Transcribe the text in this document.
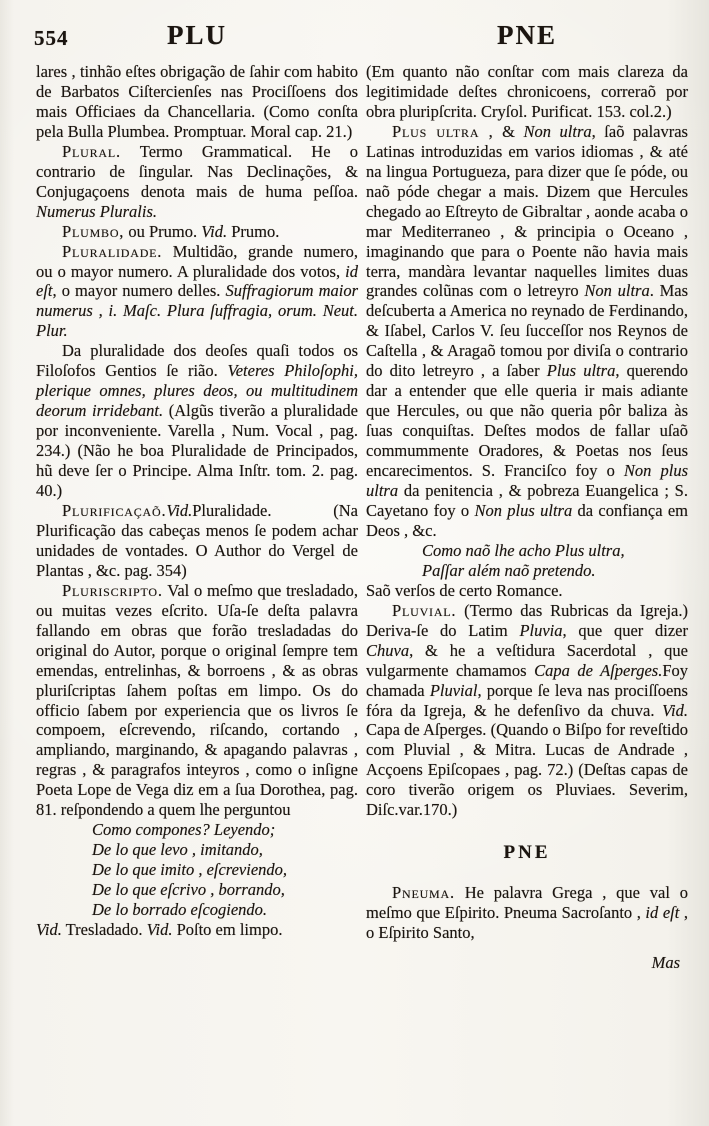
554	PLU	PNE

lares , tinhão eſtes obrigação de ſahir com habito de Barbatos Ciſtercienſes nas Prociſſoens dos mais Officiaes da Chancellaria. (Como conſta pela Bulla Plumbea. Promptuar. Moral cap. 21.)

Plural. Termo Grammatical. He o contrario de ſingular. Nas Declinações, & Conjugaçoens denota mais de huma peſſoa. Numerus Pluralis.

Plumbo, ou Prumo. Vid. Prumo.

Pluralidade. Multidão, grande numero, ou o mayor numero. A pluralidade dos votos, id eſt, o mayor numero delles. Suffragiorum maior numerus , i. Maſc. Plura ſuffragia, orum. Neut. Plur.

Da pluralidade dos deoſes quaſi todos os Filoſofos Gentios ſe rião. Veteres Philoſophi, plerique omnes, plures deos, ou multitudinem deorum irridebant. (Algũs tiverão a pluralidade por inconveniente. Varella , Num. Vocal , pag. 234.) (Não he boa Pluralidade de Principados, hũ deve ſer o Principe. Alma Inſtr. tom. 2. pag. 40.)

Plurificaçaõ.Vid.Pluralidade. (Na Plurificação das cabeças menos ſe podem achar unidades de vontades. O Author do Vergel de Plantas , &c. pag. 354)

Pluriscripto. Val o meſmo que tresladado, ou muitas vezes eſcrito. Uſa-ſe deſta palavra fallando em obras que forão tresladadas do original do Autor, porque o original ſempre tem emendas, entrelinhas, & borroens , & as obras pluriſcriptas ſahem poſtas em limpo. Os do officio ſabem por experiencia que os livros ſe compoem, eſcrevendo, riſcando, cortando , ampliando, marginando, & apagando palavras , regras , & paragrafos inteyros , como o inſigne Poeta Lope de Vega diz em a ſua Dorothea, pag. 81. reſpondendo a quem lhe perguntou

Como compones? Leyendo;
De lo que levo , imitando,
De lo que imito , eſcreviendo,
De lo que eſcrivo , borrando,
De lo borrado eſcogiendo.

Vid. Tresladado. Vid. Poſto em limpo.

(Em quanto não conſtar com mais clareza da legitimidade deſtes chronicoens, correraõ por obra pluripſcrita. Cryſol. Purificat. 153. col.2.)

Plus ultra , & Non ultra, ſaõ palavras Latinas introduzidas em varios idiomas , & até na lingua Portugueza, para dizer que ſe póde, ou naõ póde chegar a mais. Dizem que Hercules chegado ao Eſtreyto de Gibraltar , aonde acaba o mar Mediterraneo , & principia o Oceano , imaginando que para o Poente não havia mais terra, mandàra levantar naquelles limites duas grandes colũnas com o letreyro Non ultra. Mas deſcuberta a America no reynado de Ferdinando, & Iſabel, Carlos V. ſeu ſucceſſor nos Reynos de Caſtella , & Aragaõ tomou por diviſa o contrario do dito letreyro , a ſaber Plus ultra, querendo dar a entender que elle queria ir mais adiante que Hercules, ou que não queria pôr baliza às ſuas conquiſtas. Deſtes modos de fallar uſaõ commummente Oradores, & Poetas nos ſeus encarecimentos. S. Franciſco foy o Non plus ultra da penitencia , & pobreza Euangelica ; S. Cayetano foy o Non plus ultra da confiança em Deos , &c.

Como naõ lhe acho Plus ultra,
Paſſar além naõ pretendo.

Saõ verſos de certo Romance.

Pluvial. (Termo das Rubricas da Igreja.) Deriva-ſe do Latim Pluvia, que quer dizer Chuva, & he a veſtidura Sacerdotal , que vulgarmente chamamos Capa de Aſperges.Foy chamada Pluvial, porque ſe leva nas prociſſoens fóra da Igreja, & he defenſivo da chuva. Vid. Capa de Aſperges. (Quando o Biſpo for reveſtido com Pluvial , & Mitra. Lucas de Andrade , Acçoens Epiſcopaes , pag. 72.) (Deſtas capas de coro tiverão origem os Pluviaes. Severim, Diſc.var.170.)

PNE

Pneuma. He palavra Grega , que val o meſmo que Eſpirito. Pneuma Sacroſanto , id eſt , o Eſpirito Santo,

Mas
